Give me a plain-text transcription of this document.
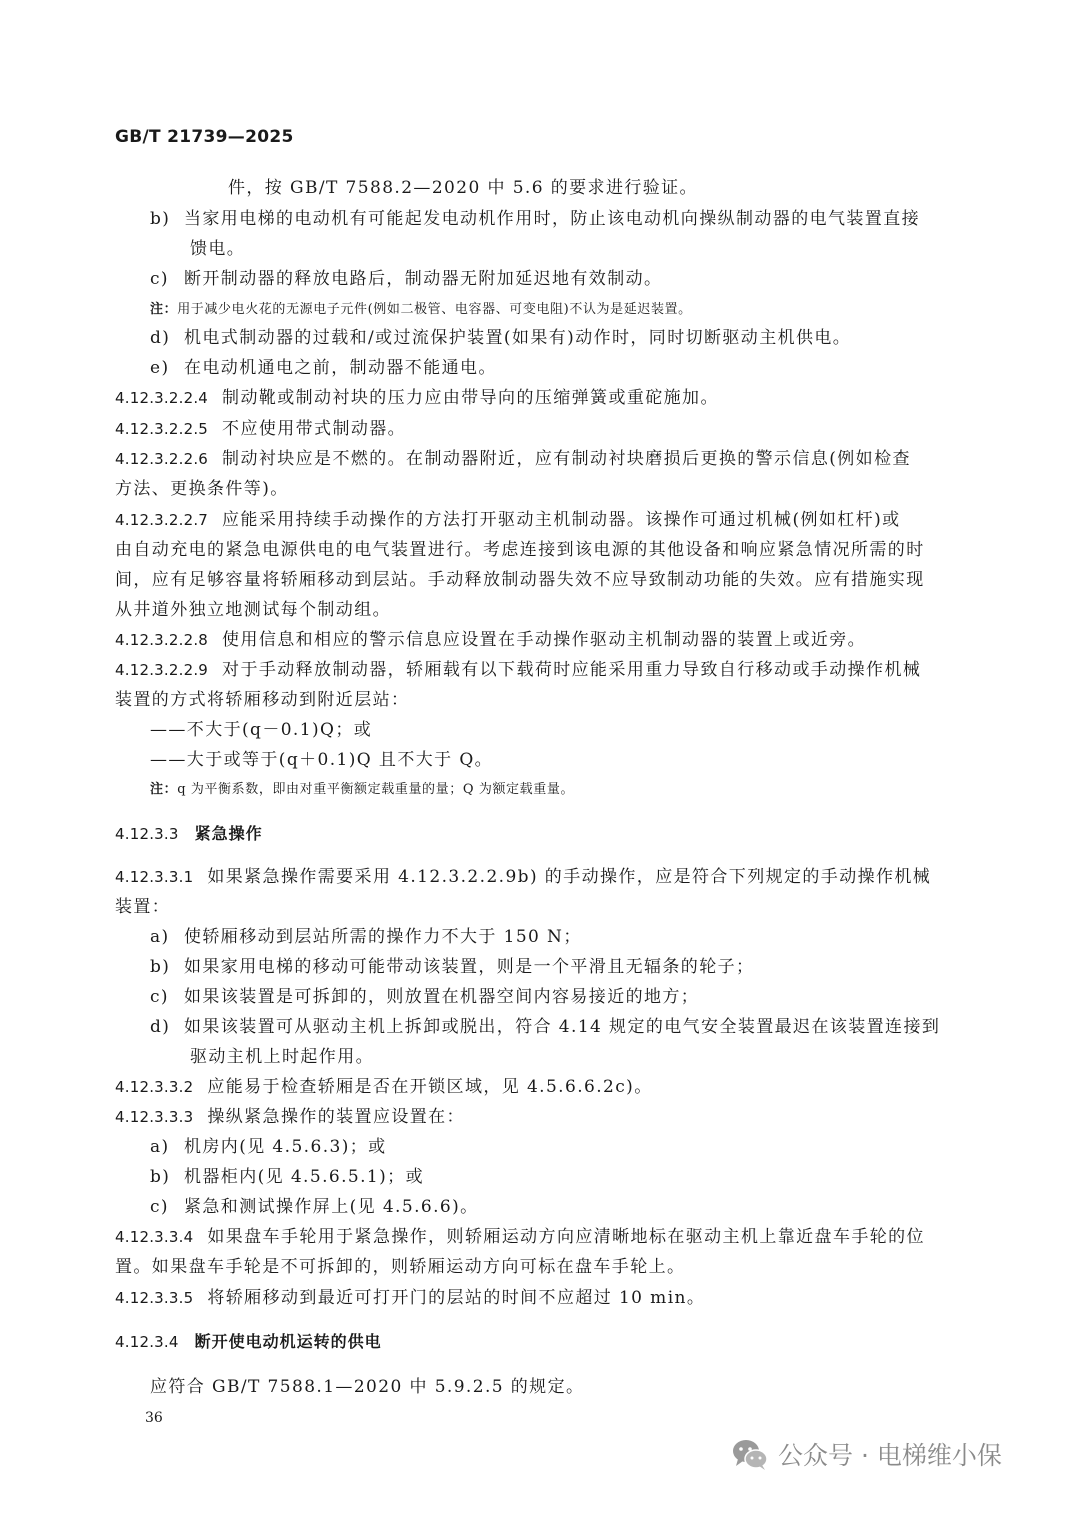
GB/T 21739—2025
件，按 GB/T 7588.2—2020 中 5.6 的要求进行验证。
b) 当家用电梯的电动机有可能起发电动机作用时，防止该电动机向操纵制动器的电气装置直接
馈电。
c) 断开制动器的释放电路后，制动器无附加延迟地有效制动。
注：用于减少电火花的无源电子元件(例如二极管、电容器、可变电阻)不认为是延迟装置。
d) 机电式制动器的过载和/或过流保护装置(如果有)动作时，同时切断驱动主机供电。
e) 在电动机通电之前，制动器不能通电。
4.12.3.2.2.4 制动靴或制动衬块的压力应由带导向的压缩弹簧或重砣施加。
4.12.3.2.2.5 不应使用带式制动器。
4.12.3.2.2.6 制动衬块应是不燃的。在制动器附近，应有制动衬块磨损后更换的警示信息(例如检查
方法、更换条件等)。
4.12.3.2.2.7 应能采用持续手动操作的方法打开驱动主机制动器。该操作可通过机械(例如杠杆)或
由自动充电的紧急电源供电的电气装置进行。考虑连接到该电源的其他设备和响应紧急情况所需的时
间，应有足够容量将轿厢移动到层站。手动释放制动器失效不应导致制动功能的失效。应有措施实现
从井道外独立地测试每个制动组。
4.12.3.2.2.8 使用信息和相应的警示信息应设置在手动操作驱动主机制动器的装置上或近旁。
4.12.3.2.2.9 对于手动释放制动器，轿厢载有以下载荷时应能采用重力导致自行移动或手动操作机械
装置的方式将轿厢移动到附近层站：
——不大于(q－0.1)Q；或
——大于或等于(q＋0.1)Q 且不大于 Q。
注：q 为平衡系数，即由对重平衡额定载重量的量；Q 为额定载重量。
4.12.3.3 紧急操作
4.12.3.3.1 如果紧急操作需要采用 4.12.3.2.2.9b) 的手动操作，应是符合下列规定的手动操作机械
装置：
a) 使轿厢移动到层站所需的操作力不大于 150 N；
b) 如果家用电梯的移动可能带动该装置，则是一个平滑且无辐条的轮子；
c) 如果该装置是可拆卸的，则放置在机器空间内容易接近的地方；
d) 如果该装置可从驱动主机上拆卸或脱出，符合 4.14 规定的电气安全装置最迟在该装置连接到
驱动主机上时起作用。
4.12.3.3.2 应能易于检查轿厢是否在开锁区域，见 4.5.6.6.2c)。
4.12.3.3.3 操纵紧急操作的装置应设置在：
a) 机房内(见 4.5.6.3)；或
b) 机器柜内(见 4.5.6.5.1)；或
c) 紧急和测试操作屏上(见 4.5.6.6)。
4.12.3.3.4 如果盘车手轮用于紧急操作，则轿厢运动方向应清晰地标在驱动主机上靠近盘车手轮的位
置。如果盘车手轮是不可拆卸的，则轿厢运动方向可标在盘车手轮上。
4.12.3.3.5 将轿厢移动到最近可打开门的层站的时间不应超过 10 min。
4.12.3.4 断开使电动机运转的供电
应符合 GB/T 7588.1—2020 中 5.9.2.5 的规定。
36
公众号 · 电梯维小保
